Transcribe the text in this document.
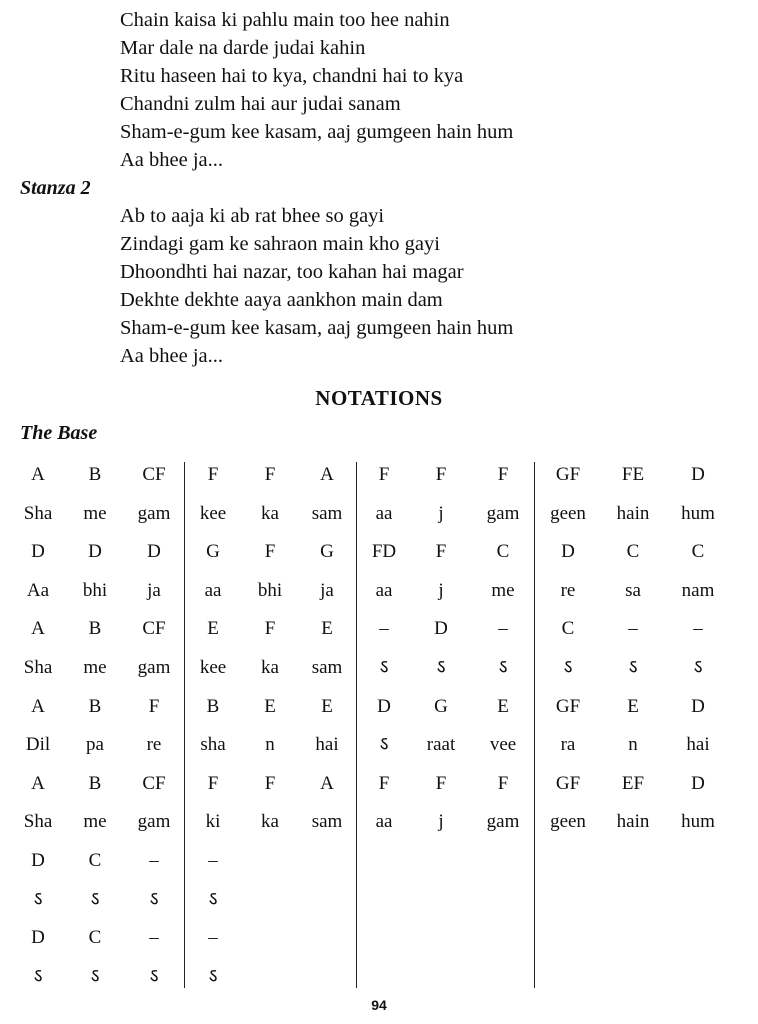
Chain kaisa ki pahlu main too hee nahin
Mar dale na darde judai kahin
Ritu haseen hai to kya, chandni hai to kya
Chandni zulm hai aur judai sanam
Sham-e-gum kee kasam, aaj gumgeen hain hum
Aa bhee ja...
Stanza 2
Ab to aaja ki ab rat bhee so gayi
Zindagi gam ke sahraon main kho gayi
Dhoondhti hai nazar, too kahan hai magar
Dekhte dekhte aaya aankhon main dam
Sham-e-gum kee kasam, aaj gumgeen hain hum
Aa bhee ja...
NOTATIONS
The Base
A	B	CF	F	F	A	F	F	F	GF	FE	D
Sha	me	gam	kee	ka	sam	aa	j	gam	geen	hain	hum
D	D	D	G	F	G	FD	F	C	D	C	C
Aa	bhi	ja	aa	bhi	ja	aa	j	me	re	sa	nam
A	B	CF	E	F	E	–	D	–	C	–	–
Sha	me	gam	kee	ka	sam	ऽ	ऽ	ऽ	ऽ	ऽ	ऽ
A	B	F	B	E	E	D	G	E	GF	E	D
Dil	pa	re	sha	n	hai	ऽ	raat	vee	ra	n	hai
A	B	CF	F	F	A	F	F	F	GF	EF	D
Sha	me	gam	ki	ka	sam	aa	j	gam	geen	hain	hum
D	C	–	–
ऽ	ऽ	ऽ	ऽ
D	C	–	–
ऽ	ऽ	ऽ	ऽ
94
